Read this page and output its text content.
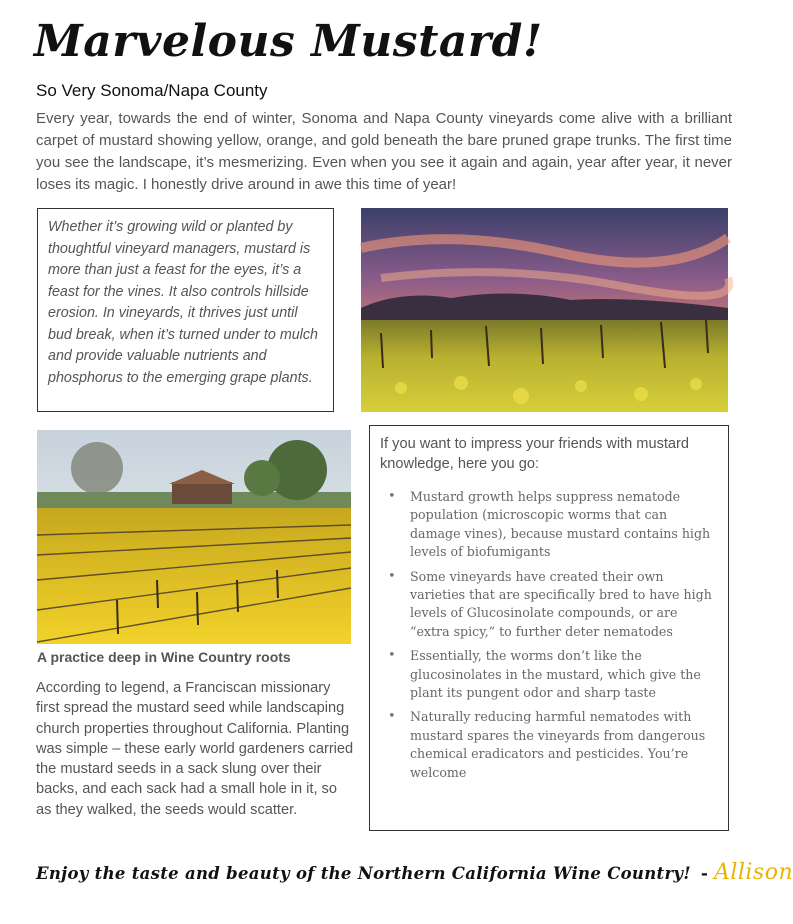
Marvelous Mustard!
So Very Sonoma/Napa County

Every year, towards the end of winter, Sonoma and Napa County vineyards come alive with a brilliant carpet of mustard showing yellow, orange, and gold beneath the bare pruned grape trunks. The first time you see the landscape, it’s mesmerizing. Even when you see it again and again, year after year, it never loses its magic. I honestly drive around in awe this time of year!

Whether it’s growing wild or planted by thoughtful vineyard managers, mustard is more than just a feast for the eyes, it’s a feast for the vines. It also controls hillside erosion. In vineyards, it thrives just until bud break, when it’s turned under to mulch and provide valuable nutrients and phosphorus to the emerging grape plants.

A practice deep in Wine Country roots

According to legend, a Franciscan missionary first spread the mustard seed while landscaping church properties throughout California. Planting was simple – these early world gardeners carried the mustard seeds in a sack slung over their backs, and each sack had a small hole in it, so as they walked, the seeds would scatter.

If you want to impress your friends with mustard knowledge, here you go:

• Mustard growth helps suppress nematode population (microscopic worms that can damage vines), because mustard contains high levels of biofumigants
• Some vineyards have created their own varieties that are specifically bred to have high levels of Glucosinolate compounds, or are “extra spicy,” to further deter nematodes
• Essentially, the worms don’t like the glucosinolates in the mustard, which give the plant its pungent odor and sharp taste
• Naturally reducing harmful nematodes with mustard spares the vineyards from dangerous chemical eradicators and pesticides. You’re welcome
Enjoy the taste and beauty of the Northern California Wine Country! - Allison
